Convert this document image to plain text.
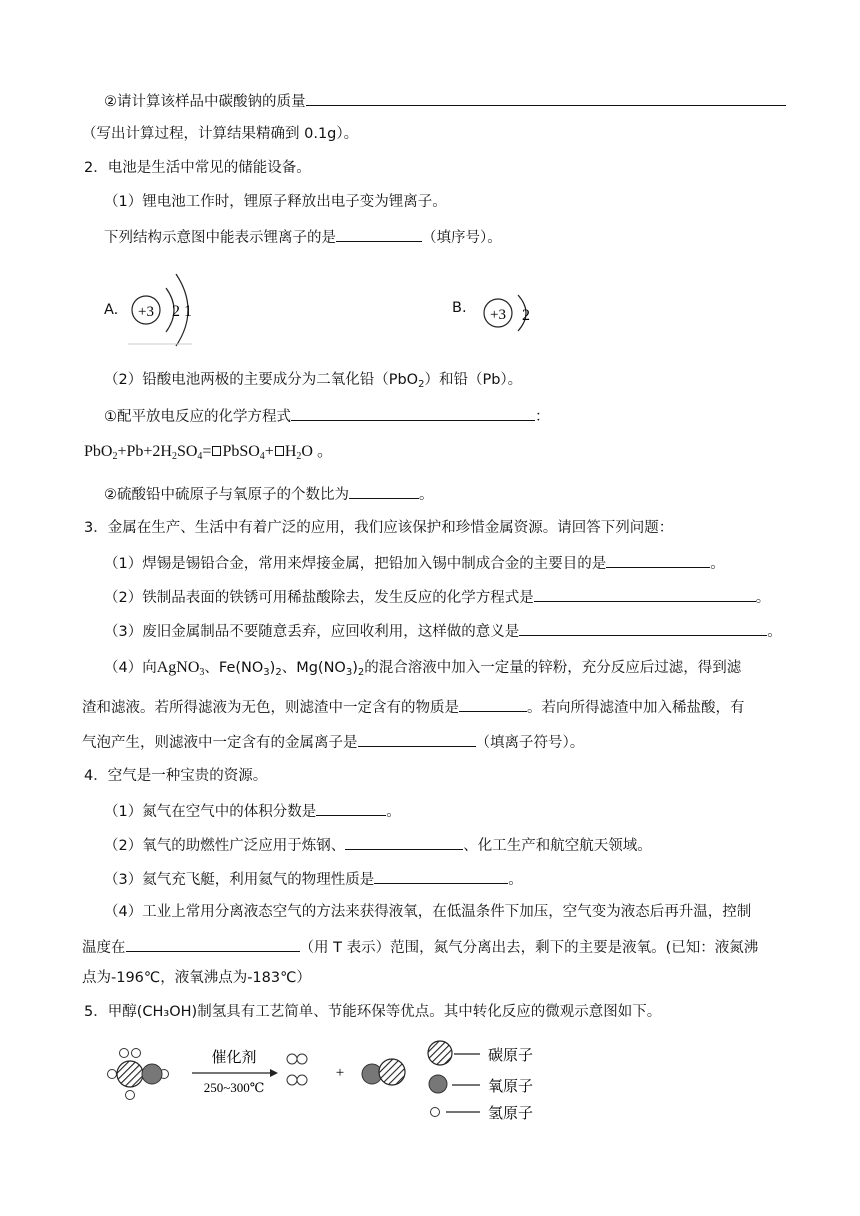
②请计算该样品中碳酸钠的质量
（写出计算过程，计算结果精确到 0.1g）。
2．电池是生活中常见的储能设备。
（1）锂电池工作时，锂原子释放出电子变为锂离子。
下列结构示意图中能表示锂离子的是	（填序号）。
A. +3 2 1	B. +3 2
（2）铅酸电池两极的主要成分为二氧化铅（PbO$_2$）和铅（Pb）。
①配平放电反应的化学方程式	：
$PbO_2+Pb+2H_2SO_4=$ PbSO$_4$+ $H_2O$ 。
②硫酸铅中硫原子与氧原子的个数比为	。
3．金属在生产、生活中有着广泛的应用，我们应该保护和珍惜金属资源。请回答下列问题：
（1）焊锡是锡铅合金，常用来焊接金属，把铅加入锡中制成合金的主要目的是	。
（2）铁制品表面的铁锈可用稀盐酸除去，发生反应的化学方程式是	。
（3）废旧金属制品不要随意丢弃，应回收利用，这样做的意义是	。
（4）向AgNO$_3$、$Fe(NO_3)_2$、$Mg(NO_3)_2$的混合溶液中加入一定量的锌粉，充分反应后过滤，得到滤
渣和滤液。若所得滤液为无色，则滤渣中一定含有的物质是	。若向所得滤渣中加入稀盐酸，有
气泡产生，则滤液中一定含有的金属离子是	（填离子符号）。
4．空气是一种宝贵的资源。
（1）氮气在空气中的体积分数是	。
（2）氧气的助燃性广泛应用于炼钢、	、化工生产和航空航天领域。
（3）氦气充飞艇，利用氦气的物理性质是	。
（4）工业上常用分离液态空气的方法来获得液氧，在低温条件下加压，空气变为液态后再升温，控制
温度在	（用 T 表示）范围，氮气分离出去，剩下的主要是液氧。(已知：液氮沸
点为-196℃，液氧沸点为-183℃）
5．甲醇(CH₃OH)制氢具有工艺简单、节能环保等优点。其中转化反应的微观示意图如下。
催化剂
250~300℃
+
碳原子
氧原子
氢原子
